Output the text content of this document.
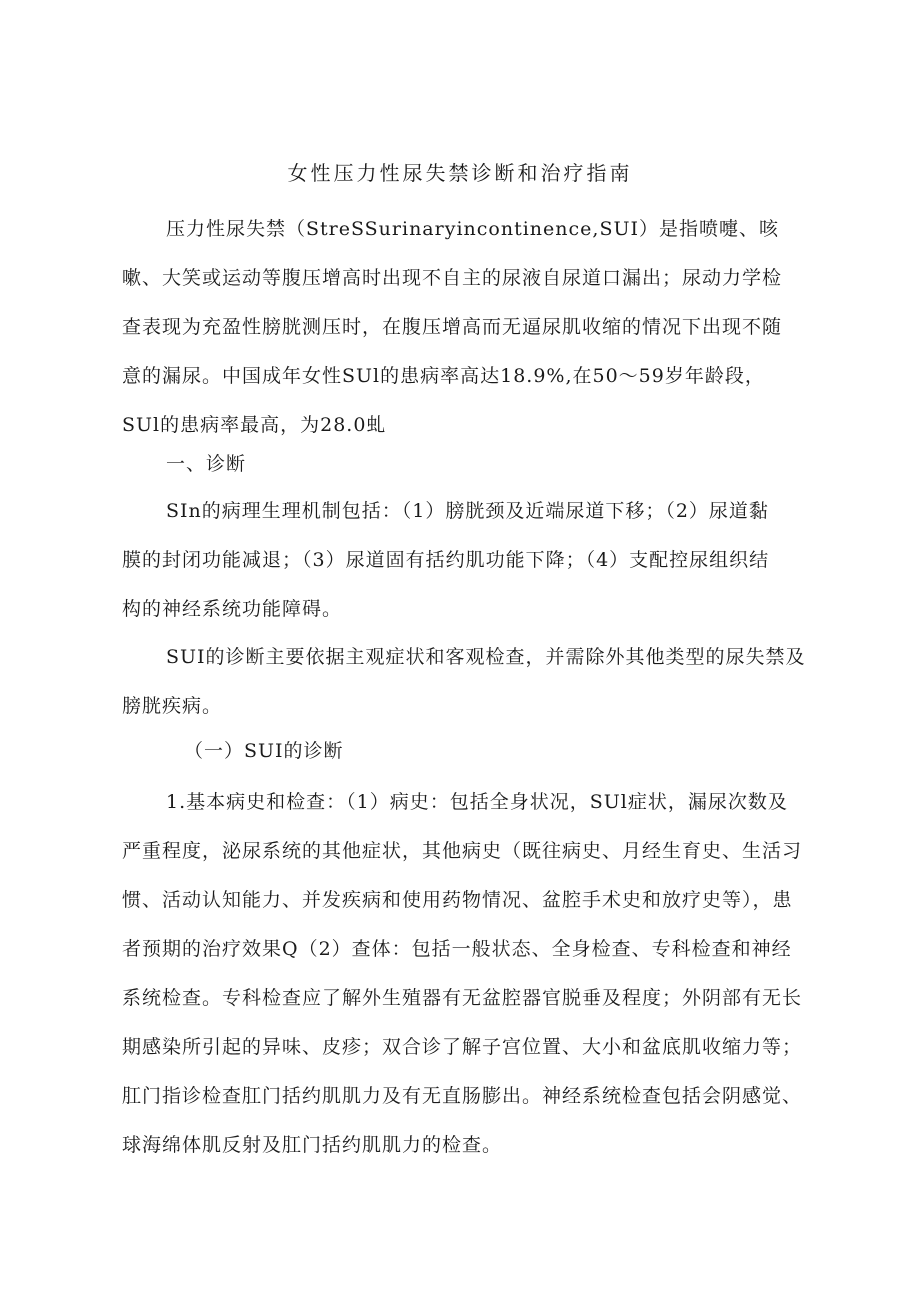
女性压力性尿失禁诊断和治疗指南

压力性尿失禁（StreSSurinaryincontinence,SUI）是指喷嚏、咳
嗽、大笑或运动等腹压增高时出现不自主的尿液自尿道口漏出；尿动力学检
查表现为充盈性膀胱测压时，在腹压增高而无逼尿肌收缩的情况下出现不随
意的漏尿。中国成年女性SUl的患病率高达18.9%,在50～59岁年龄段，
SUl的患病率最高，为28.0虬

一、诊断

SIn的病理生理机制包括：（1）膀胱颈及近端尿道下移；（2）尿道黏
膜的封闭功能减退；（3）尿道固有括约肌功能下降；（4）支配控尿组织结
构的神经系统功能障碍。

SUI的诊断主要依据主观症状和客观检查，并需除外其他类型的尿失禁及
膀胱疾病。

（一）SUI的诊断

1.基本病史和检查：（1）病史：包括全身状况，SUl症状，漏尿次数及
严重程度，泌尿系统的其他症状，其他病史（既往病史、月经生育史、生活习
惯、活动认知能力、并发疾病和使用药物情况、盆腔手术史和放疗史等），患
者预期的治疗效果Q（2）查体：包括一般状态、全身检查、专科检查和神经
系统检查。专科检查应了解外生殖器有无盆腔器官脱垂及程度；外阴部有无长
期感染所引起的异味、皮疹；双合诊了解子宫位置、大小和盆底肌收缩力等；
肛门指诊检查肛门括约肌肌力及有无直肠膨出。神经系统检查包括会阴感觉、
球海绵体肌反射及肛门括约肌肌力的检查。
